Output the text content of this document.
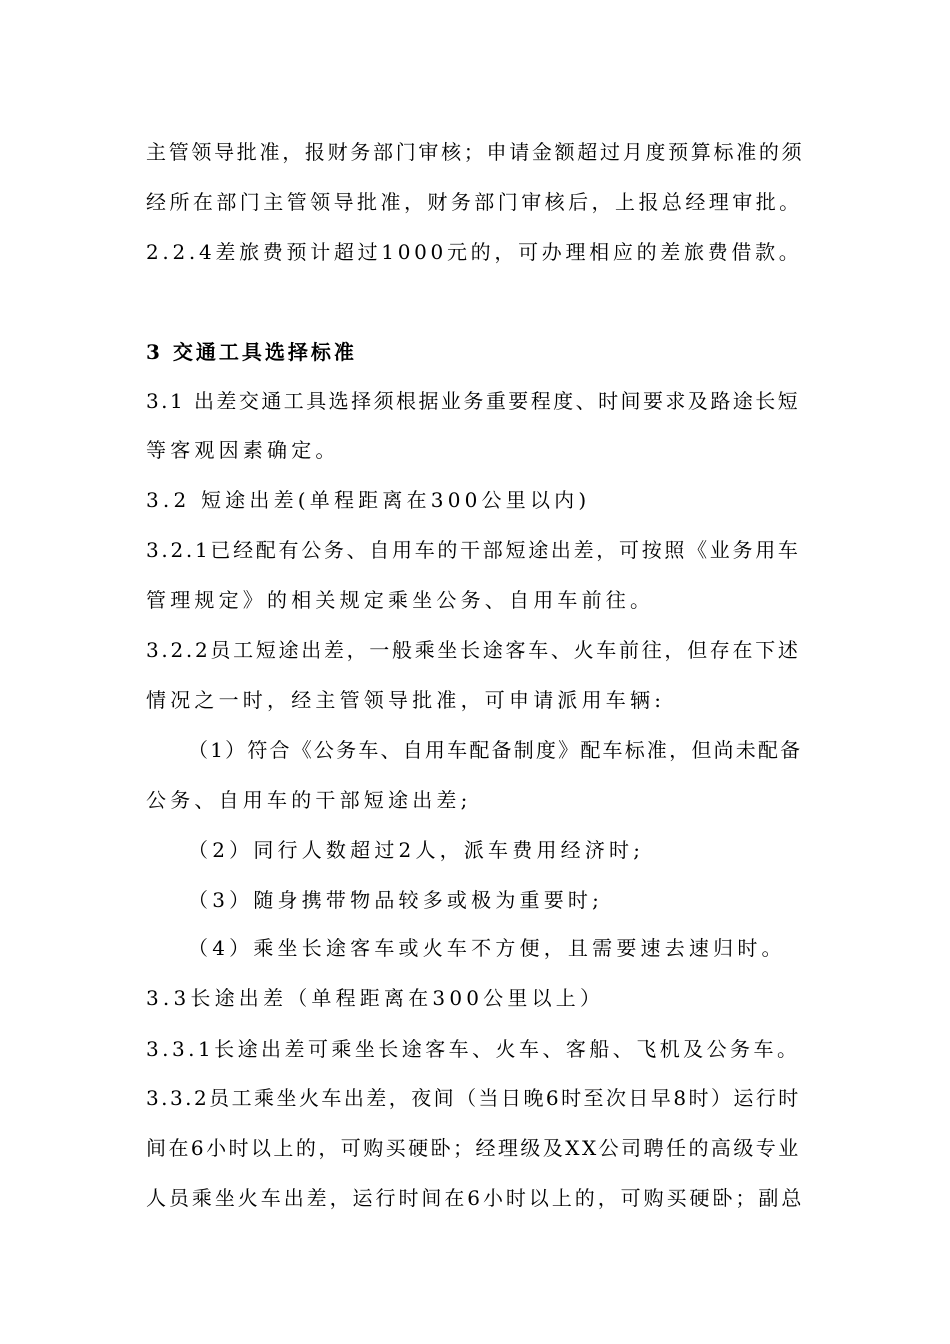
主管领导批准，报财务部门审核；申请金额超过月度预算标准的须
经所在部门主管领导批准，财务部门审核后，上报总经理审批。
2.2.4差旅费预计超过1000元的，可办理相应的差旅费借款。
3 交通工具选择标准
3.1 出差交通工具选择须根据业务重要程度、时间要求及路途长短
等客观因素确定。
3.2 短途出差(单程距离在300公里以内)
3.2.1已经配有公务、自用车的干部短途出差，可按照《业务用车
管理规定》的相关规定乘坐公务、自用车前往。
3.2.2员工短途出差，一般乘坐长途客车、火车前往，但存在下述
情况之一时，经主管领导批准，可申请派用车辆:
（1）符合《公务车、自用车配备制度》配车标准，但尚未配备
公务、自用车的干部短途出差;
（2）同行人数超过2人，派车费用经济时;
（3）随身携带物品较多或极为重要时;
（4）乘坐长途客车或火车不方便，且需要速去速归时。
3.3长途出差（单程距离在300公里以上）
3.3.1长途出差可乘坐长途客车、火车、客船、飞机及公务车。
3.3.2员工乘坐火车出差，夜间（当日晚6时至次日早8时）运行时
间在6小时以上的，可购买硬卧；经理级及XX公司聘任的高级专业
人员乘坐火车出差，运行时间在6小时以上的，可购买硬卧；副总
